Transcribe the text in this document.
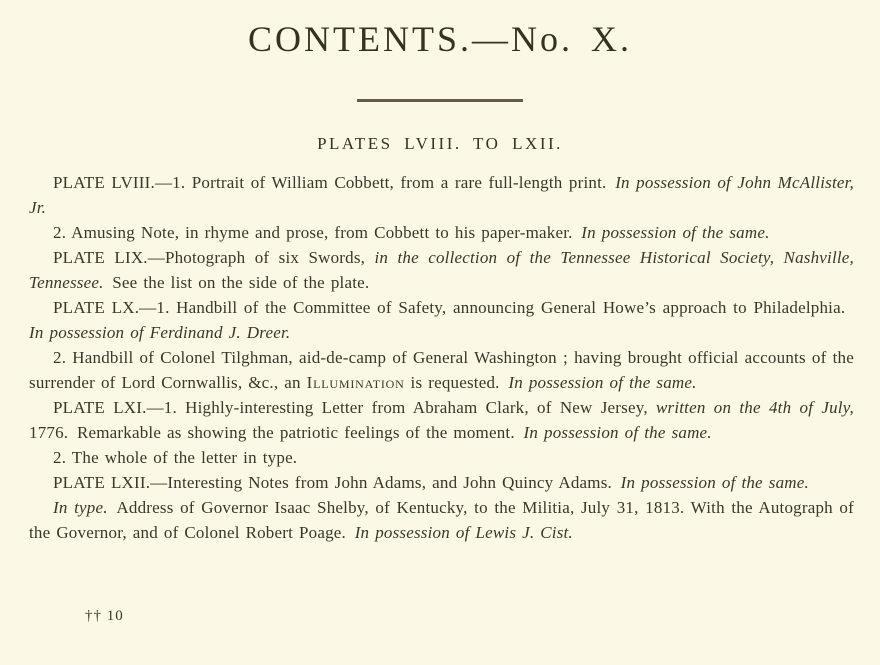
CONTENTS.—No. X.
PLATES LVIII. TO LXII.

PLATE LVIII.—1. Portrait of William Cobbett, from a rare full-length print. In possession of John McAllister, Jr.

2. Amusing Note, in rhyme and prose, from Cobbett to his paper-maker. In possession of the same.

PLATE LIX.—Photograph of six Swords, in the collection of the Tennessee Historical Society, Nashville, Tennessee. See the list on the side of the plate.

PLATE LX.—1. Handbill of the Committee of Safety, announcing General Howe’s approach to Philadelphia. In possession of Ferdinand J. Dreer.

2. Handbill of Colonel Tilghman, aid-de-camp of General Washington ; having brought official accounts of the surrender of Lord Cornwallis, &c., an Illumination is requested. In possession of the same.

PLATE LXI.—1. Highly-interesting Letter from Abraham Clark, of New Jersey, written on the 4th of July, 1776. Remarkable as showing the patriotic feelings of the moment. In possession of the same.

2. The whole of the letter in type.

PLATE LXII.—Interesting Notes from John Adams, and John Quincy Adams. In possession of the same.

In type. Address of Governor Isaac Shelby, of Kentucky, to the Militia, July 31, 1813. With the Autograph of the Governor, and of Colonel Robert Poage. In possession of Lewis J. Cist.

†† 10
